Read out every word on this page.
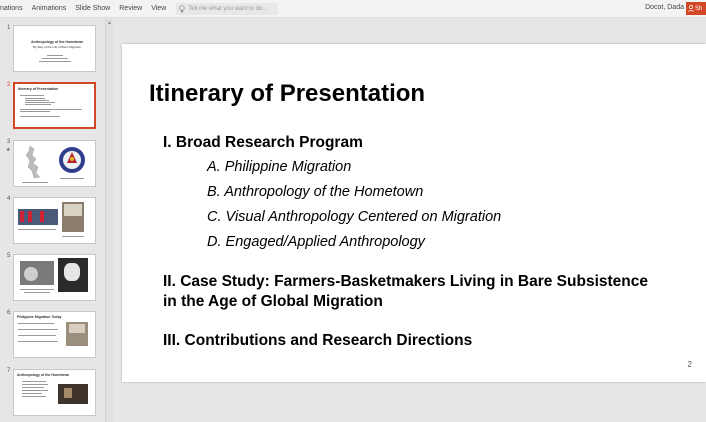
nations Animations Slide Show Review View	Tell me what you want to do...	Docot, Dada Sh
1
Anthropology of the Hometown
By Way of the Life of Bairo Migrants
2
Itinerary of Presentation
3
★
4
5
6
Philippine Migration Today
7
Anthropology of the Hometown
▲
Itinerary of Presentation
I. Broad Research Program
A. Philippine Migration
B. Anthropology of the Hometown
C. Visual Anthropology Centered on Migration
D. Engaged/Applied Anthropology
II. Case Study: Farmers-Basketmakers Living in Bare Subsistence
in the Age of Global Migration
III. Contributions and Research Directions
2
